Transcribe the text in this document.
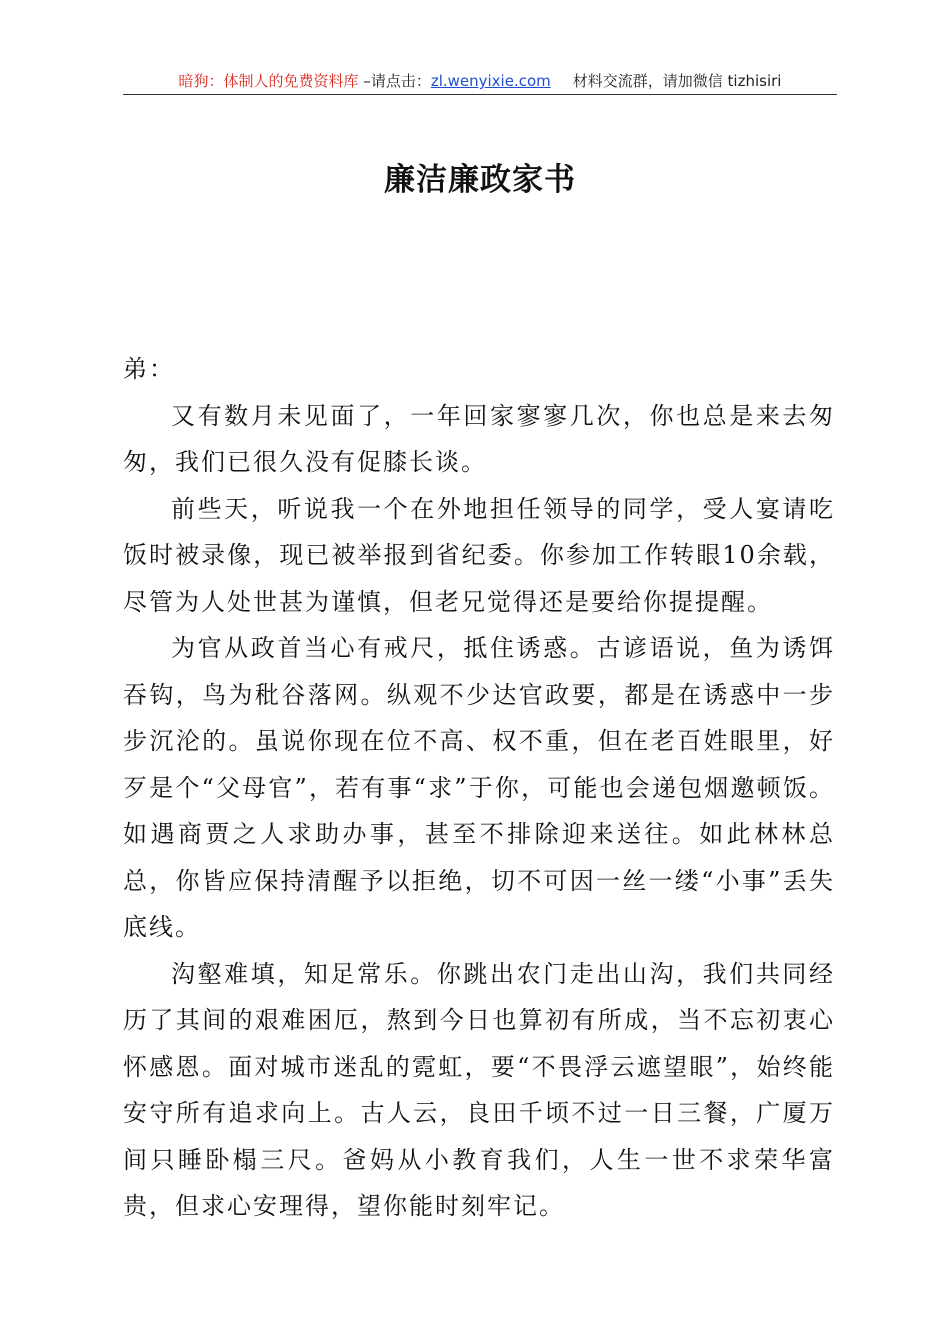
暗狗：体制人的免费资料库 –请点击：zl.wenyixie.com 材料交流群，请加微信 tizhisiri
廉洁廉政家书

弟：

又有数月未见面了，一年回家寥寥几次，你也总是来去匆匆，我们已很久没有促膝长谈。

前些天，听说我一个在外地担任领导的同学，受人宴请吃饭时被录像，现已被举报到省纪委。你参加工作转眼10余载，尽管为人处世甚为谨慎，但老兄觉得还是要给你提提醒。

为官从政首当心有戒尺，抵住诱惑。古谚语说，鱼为诱饵吞钩，鸟为秕谷落网。纵观不少达官政要，都是在诱惑中一步步沉沦的。虽说你现在位不高、权不重，但在老百姓眼里，好歹是个“父母官”，若有事“求”于你，可能也会递包烟邀顿饭。如遇商贾之人求助办事，甚至不排除迎来送往。如此林林总总，你皆应保持清醒予以拒绝，切不可因一丝一缕“小事”丢失底线。

沟壑难填，知足常乐。你跳出农门走出山沟，我们共同经历了其间的艰难困厄，熬到今日也算初有所成，当不忘初衷心怀感恩。面对城市迷乱的霓虹，要“不畏浮云遮望眼”，始终能安守所有追求向上。古人云，良田千顷不过一日三餐，广厦万间只睡卧榻三尺。爸妈从小教育我们，人生一世不求荣华富贵，但求心安理得，望你能时刻牢记。
